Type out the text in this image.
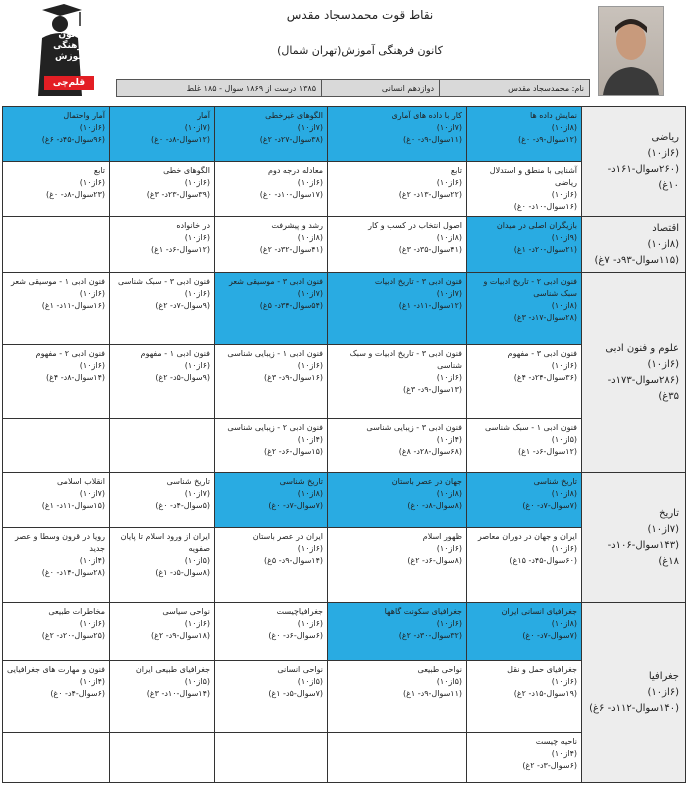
نقاط قوت محمدسجاد مقدس
کانون فرهنگی آموزش(تهران شمال)
نام: محمدسجاد مقدس
دوازدهم انسانی
۱۳۸۵ درست از ۱۸۶۹ سوال - ۱۸۵ غلط
کانون
فرهنگی
آموزش
قلم‌چی
ریاضی
(۶از۱۰)
(۲۶۰سوال-۱۶۱د- ۱۰غ)
اقتصاد
(۸از۱۰)
(۱۱۵سوال-۹۳د- ۷غ)
علوم و فنون ادبی
(۶از۱۰)
(۲۸۶سوال-۱۷۳د- ۳۵غ)
تاریخ
(۷از۱۰)
(۱۴۳سوال-۱۰۶د- ۱۸غ)
جغرافیا
(۶از۱۰)
(۱۴۰سوال-۱۱۲د- ۶غ)
نمایش داده ها
(۸از۱۰)
(۱۲سوال-۹د- ۰غ)
کار با داده های آماری
(۷از۱۰)
(۱۱سوال-۹د- ۰غ)
الگوهای غیرخطی
(۷از۱۰)
(۳۸سوال-۲۷د- ۲غ)
آمار
(۷از۱۰)
(۱۲سوال-۸د- ۰غ)
آمار واحتمال
(۶از۱۰)
(۹۶سوال-۴۵د- ۶غ)
آشنایی با منطق و استدلال ریاضی
(۶از۱۰)
(۱۶سوال-۱۰د- ۰غ)
تابع
(۶از۱۰)
(۲۲سوال-۱۳د- ۲غ)
معادله درجه دوم
(۶از۱۰)
(۱۷سوال-۱۰د- ۰غ)
الگوهای خطی
(۶از۱۰)
(۳۹سوال-۲۳د- ۳غ)
تابع
(۶از۱۰)
(۲۳سوال-۸د- ۰غ)
بازیگران اصلی در میدان
(۹از۱۰)
(۲۱سوال-۲۰د- ۱غ)
اصول انتخاب در کسب و کار
(۸از۱۰)
(۴۱سوال-۳۵د- ۳غ)
رشد و پیشرفت
(۸از۱۰)
(۴۱سوال-۳۲د- ۲غ)
در خانواده
(۶از۱۰)
(۱۲سوال-۶د- ۱غ)
فنون ادبی ۲ - تاریخ ادبیات و سبک شناسی
(۸از۱۰)
(۲۸سوال-۱۷د- ۳غ)
فنون ادبی ۳ - تاریخ ادبیات
(۷از۱۰)
(۱۲سوال-۱۱د- ۱غ)
فنون ادبی ۳ - موسیقی شعر
(۷از۱۰)
(۵۴سوال-۳۴د- ۵غ)
فنون ادبی ۳ - سبک شناسی
(۶از۱۰)
(۹سوال-۷د- ۲غ)
فنون ادبی ۱ - موسیقی شعر
(۶از۱۰)
(۱۶سوال-۱۱د- ۱غ)
فنون ادبی ۳ - مفهوم
(۶از۱۰)
(۳۶سوال-۲۴د- ۴غ)
فنون ادبی ۳ - تاریخ ادبیات و سبک شناسی
(۶از۱۰)
(۱۳سوال-۹د- ۳غ)
فنون ادبی ۱ - زیبایی شناسی
(۶از۱۰)
(۱۶سوال-۹د- ۳غ)
فنون ادبی ۱ - مفهوم
(۶از۱۰)
(۹سوال-۵د- ۲غ)
فنون ادبی ۲ - مفهوم
(۶از۱۰)
(۱۴سوال-۸د- ۴غ)
فنون ادبی ۱ - سبک شناسی
(۵از۱۰)
(۱۲سوال-۶د- ۱غ)
فنون ادبی ۳ - زیبایی شناسی
(۴از۱۰)
(۶۸سوال-۲۸د- ۸غ)
فنون ادبی ۲ - زیبایی شناسی
(۴از۱۰)
(۱۵سوال-۶د- ۲غ)
تاریخ شناسی
(۸از۱۰)
(۷سوال-۷د- ۰غ)
جهان در عصر باستان
(۸از۱۰)
(۸سوال-۸د- ۰غ)
تاریخ شناسی
(۸از۱۰)
(۷سوال-۷د- ۰غ)
تاریخ شناسی
(۷از۱۰)
(۵سوال-۴د- ۰غ)
انقلاب اسلامی
(۷از۱۰)
(۱۵سوال-۱۱د- ۱غ)
ایران و جهان در دوران معاصر
(۶از۱۰)
(۶۰سوال-۴۵د- ۱۵غ)
ظهور اسلام
(۶از۱۰)
(۸سوال-۶د- ۲غ)
ایران در عصر باستان
(۶از۱۰)
(۱۴سوال-۹د- ۵غ)
ایران از ورود اسلام تا پایان صفویه
(۵از۱۰)
(۸سوال-۵د- ۱غ)
رویا در قرون وسطا و عصر جدید
(۴از۱۰)
(۲۸سوال-۱۴د- ۰غ)
جغرافیای انسانی ایران
(۸از۱۰)
(۷سوال-۷د- ۰غ)
جغرافیای سکونت گاهها
(۶از۱۰)
(۳۲سوال-۳۰د- ۲غ)
جغرافیاچیست
(۶از۱۰)
(۶سوال-۶د- ۰غ)
نواحی سیاسی
(۶از۱۰)
(۱۸سوال-۹د- ۲غ)
مخاطرات طبیعی
(۶از۱۰)
(۲۵سوال-۲۰د- ۲غ)
جغرافیای حمل و نقل
(۶از۱۰)
(۱۹سوال-۱۵د- ۲غ)
نواحی طبیعی
(۵از۱۰)
(۱۱سوال-۹د- ۱غ)
نواحی انسانی
(۵از۱۰)
(۷سوال-۵د- ۱غ)
جغرافیای طبیعی ایران
(۵از۱۰)
(۱۴سوال-۱۰د- ۳غ)
فنون و مهارت های جغرافیایی
(۴از۱۰)
(۶سوال-۴د- ۰غ)
ناحیه چیست
(۴از۱۰)
(۶سوال-۳د- ۲غ)
